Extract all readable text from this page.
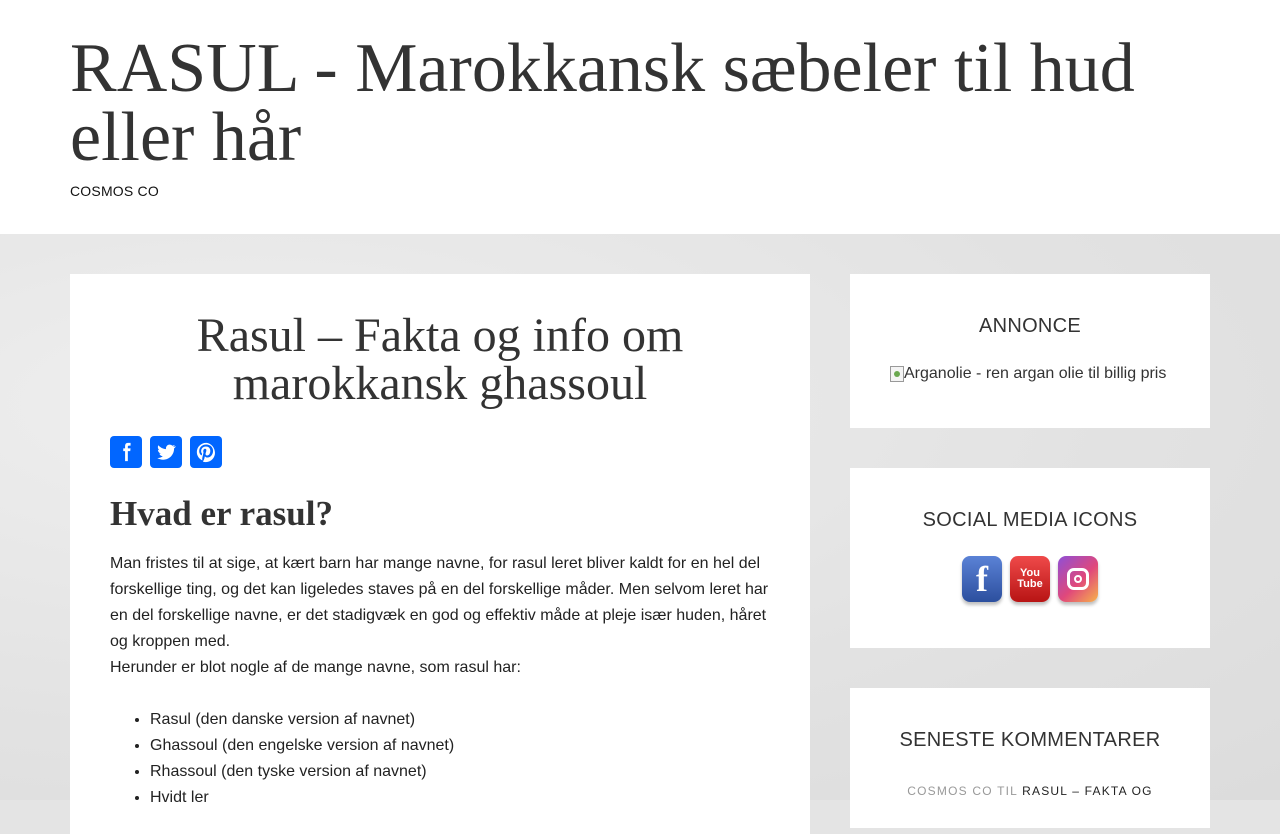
RASUL - Marokkansk sæbeler til hud eller hår
COSMOS CO
Rasul – Fakta og info om marokkansk ghassoul
Hvad er rasul?

Man fristes til at sige, at kært barn har mange navne, for rasul leret bliver kaldt for en hel del forskellige ting, og det kan ligeledes staves på en del forskellige måder. Men selvom leret har en del forskellige navne, er det stadigvæk en god og effektiv måde at pleje især huden, håret og kroppen med.

Herunder er blot nogle af de mange navne, som rasul har:

• Rasul (den danske version af navnet)
• Ghassoul (den engelske version af navnet)
• Rhassoul (den tyske version af navnet)
• Hvidt ler
ANNONCE
Arganolie - ren argan olie til billig pris
SOCIAL MEDIA ICONS
f	You
Tube
SENESTE KOMMENTARER
COSMOS CO TIL RASUL – FAKTA OG
